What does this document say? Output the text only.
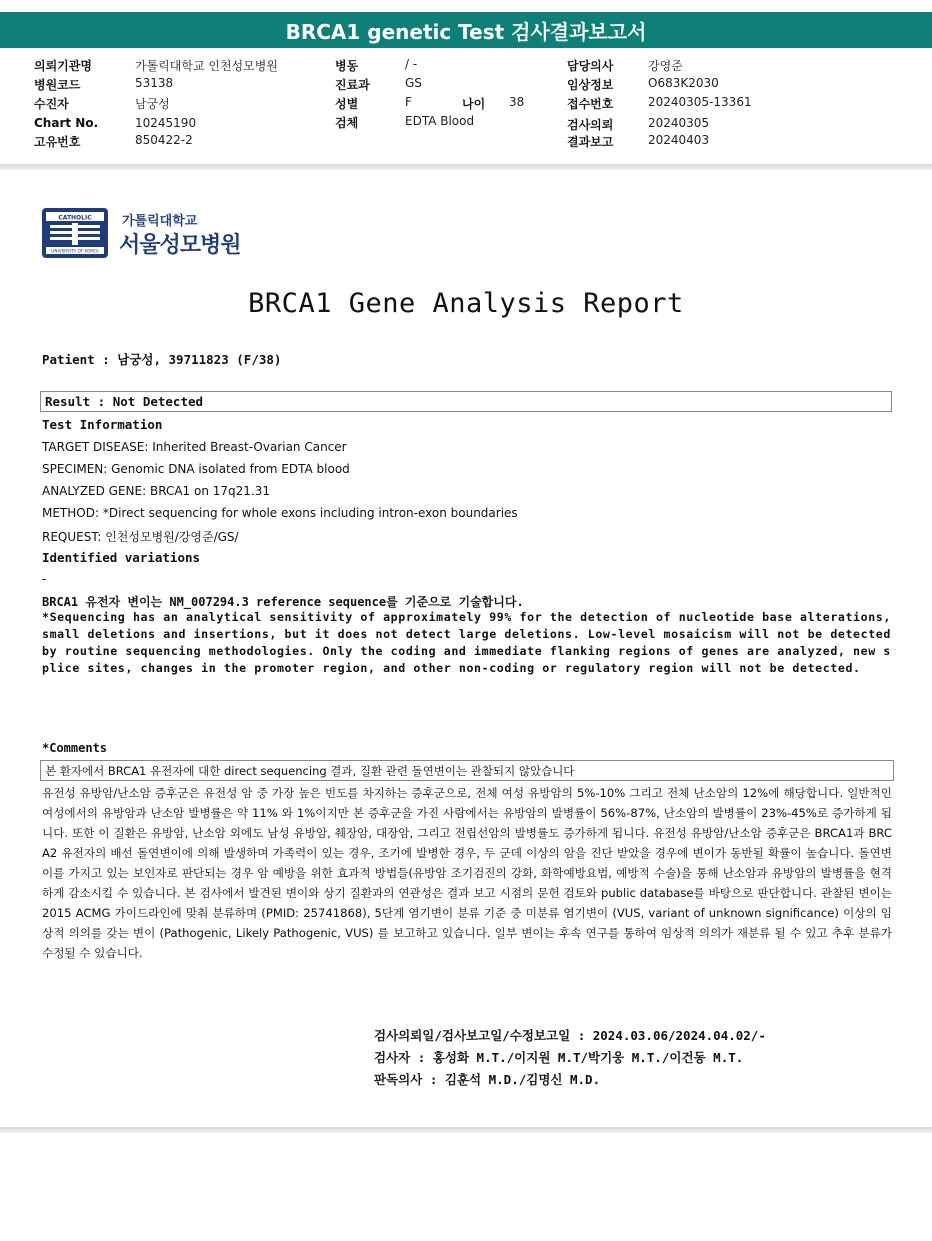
BRCA1 genetic Test 검사결과보고서
의뢰기관명	가톨릭대학교 인천성모병원
병원코드	53138
수진자	남궁성
Chart No.	10245190
고유번호	850422-2
병동	/ -
진료과	GS
성별	F	나이 38
검체	EDTA Blood
담당의사	강영준
임상정보	O683K2030
접수번호	20240305-13361
검사의뢰	20240305
결과보고	20240403
CATHOLIC
UNIVERSITY OF KOREA
가톨릭대학교
서울성모병원
BRCA1 Gene Analysis Report
Patient : 남궁성, 39711823 (F/38)
Result : Not Detected
Test Information
TARGET DISEASE: Inherited Breast-Ovarian Cancer
SPECIMEN: Genomic DNA isolated from EDTA blood
ANALYZED GENE: BRCA1 on 17q21.31
METHOD: *Direct sequencing for whole exons including intron-exon boundaries
REQUEST: 인천성모병원/강영준/GS/
Identified variations
-
BRCA1 유전자 변이는 NM_007294.3 reference sequence를 기준으로 기술합니다.
*Sequencing has an analytical sensitivity of approximately 99% for the detection of nucleotide base alterations, small deletions and insertions, but it does not detect large deletions. Low-level mosaicism will not be detected by routine sequencing methodologies. Only the coding and immediate flanking regions of genes are analyzed, new splice sites, changes in the promoter region, and other non-coding or regulatory region will not be detected.
*Comments
본 환자에서 BRCA1 유전자에 대한 direct sequencing 결과, 질환 관련 돌연변이는 관찰되지 않았습니다
유전성 유방암/난소암 증후군은 유전성 암 중 가장 높은 빈도를 차지하는 증후군으로, 전체 여성 유방암의 5%-10% 그리고 전체 난소암의 12%에 해당합니다. 일반적인 여성에서의 유방암과 난소암 발병률은 약 11% 와 1%이지만 본 증후군을 가진 사람에서는 유방암의 발병률이 56%-87%, 난소암의 발병률이 23%-45%로 증가하게 됩니다. 또한 이 질환은 유방암, 난소암 외에도 남성 유방암, 췌장암, 대장암, 그리고 전립선암의 발병률도 증가하게 됩니다. 유전성 유방암/난소암 증후군은 BRCA1과 BRCA2 유전자의 배선 돌연변이에 의해 발생하며 가족력이 있는 경우, 조기에 발병한 경우, 두 군데 이상의 암을 진단 받았을 경우에 변이가 동반될 확률이 높습니다. 돌연변이를 가지고 있는 보인자로 판단되는 경우 암 예방을 위한 효과적 방법들(유방암 조기검진의 강화, 화학예방요법, 예방적 수술)을 통해 난소암과 유방암의 발병률을 현격하게 감소시킬 수 있습니다. 본 검사에서 발견된 변이와 상기 질환과의 연관성은 결과 보고 시점의 문헌 검토와 public database를 바탕으로 판단합니다. 관찰된 변이는 2015 ACMG 가이드라인에 맞춰 분류하며 (PMID: 25741868), 5단계 염기변이 분류 기준 중 미분류 염기변이 (VUS, variant of unknown significance) 이상의 임상적 의의를 갖는 변이 (Pathogenic, Likely Pathogenic, VUS) 를 보고하고 있습니다. 일부 변이는 후속 연구를 통하여 임상적 의의가 재분류 될 수 있고 추후 분류가 수정될 수 있습니다.
검사의뢰일/검사보고일/수정보고일 : 2024.03.06/2024.04.02/-
검사자 : 홍성화 M.T./이지원 M.T/박기웅 M.T./이건동 M.T.
판독의사 : 김훈석 M.D./김명신 M.D.
